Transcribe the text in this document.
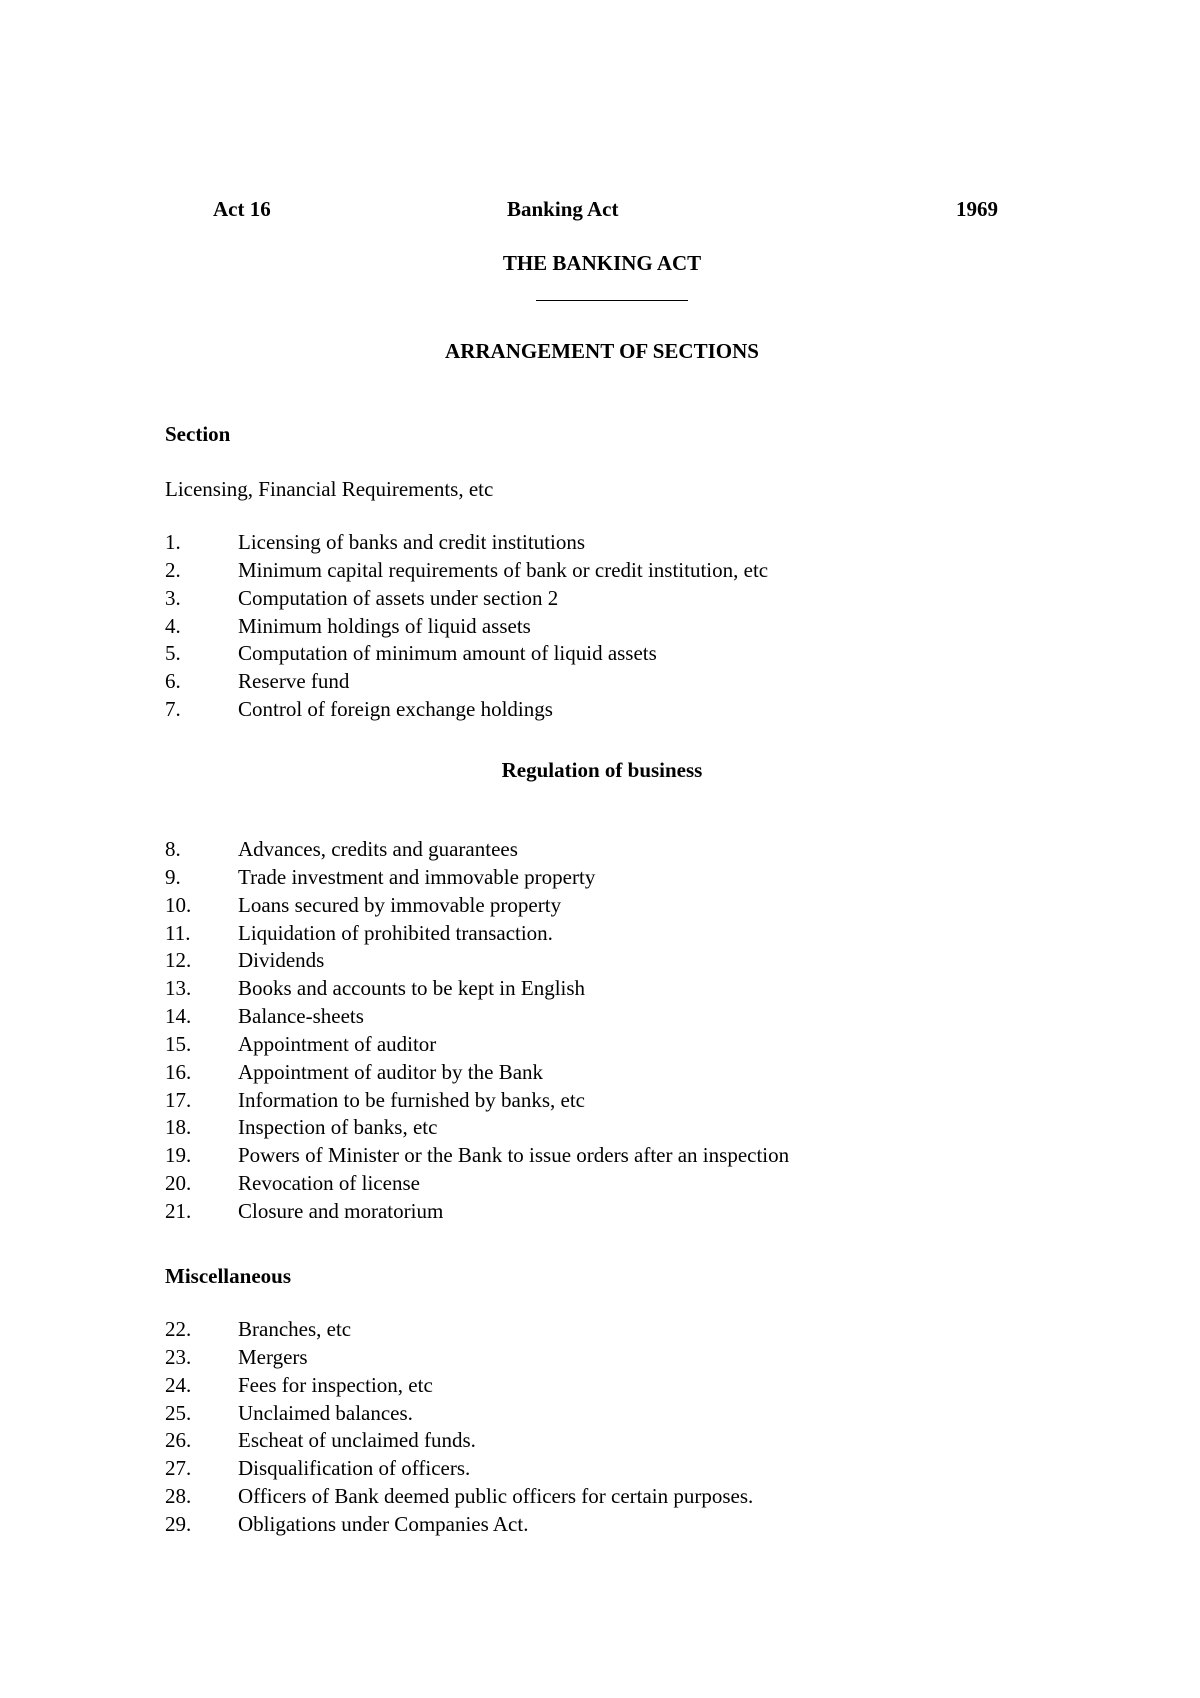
Act 16	Banking Act	1969
THE BANKING ACT
ARRANGEMENT OF SECTIONS
Section
Licensing, Financial Requirements, etc
1.	Licensing of banks and credit institutions
2.	Minimum capital requirements of bank or credit institution, etc
3.	Computation of assets under section 2
4.	Minimum holdings of liquid assets
5.	Computation of minimum amount of liquid assets
6.	Reserve fund
7.	Control of foreign exchange holdings
Regulation of business
8.	Advances, credits and guarantees
9.	Trade investment and immovable property
10. Loans secured by immovable property
11. Liquidation of prohibited transaction.
12. Dividends
13. Books and accounts to be kept in English
14. Balance-sheets
15. Appointment of auditor
16. Appointment of auditor by the Bank
17. Information to be furnished by banks, etc
18. Inspection of banks, etc
19. Powers of Minister or the Bank to issue orders after an inspection
20. Revocation of license
21. Closure and moratorium
Miscellaneous
22. Branches, etc
23. Mergers
24. Fees for inspection, etc
25. Unclaimed balances.
26. Escheat of unclaimed funds.
27. Disqualification of officers.
28. Officers of Bank deemed public officers for certain purposes.
29. Obligations under Companies Act.
